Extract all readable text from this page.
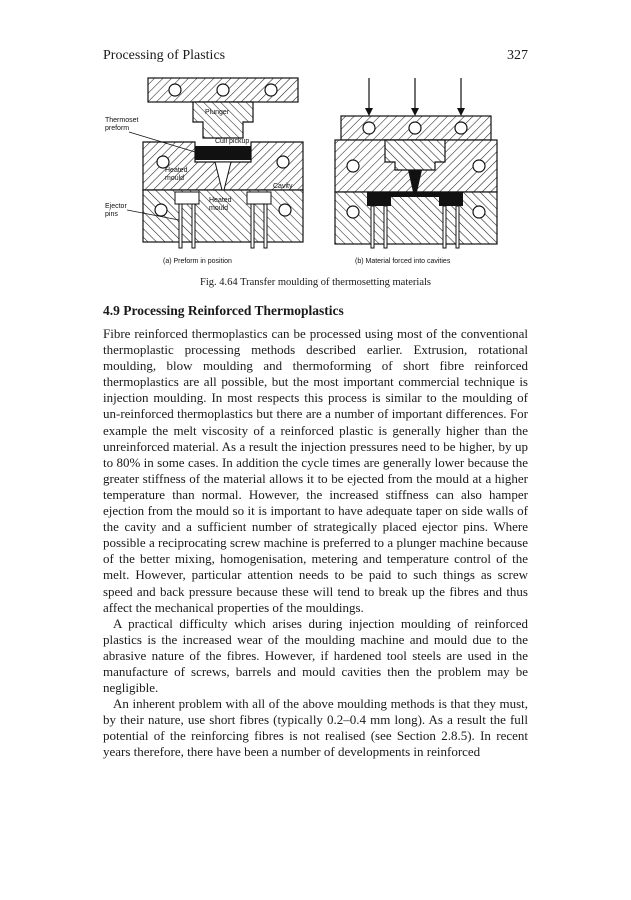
Processing of Plastics	327
Plunger
Thermoset
preform
Cull pickup
Heated
mould
Cavity
Heated
mould
Ejector
pins
(a) Preform in position	(b) Material forced into cavities
Fig. 4.64 Transfer moulding of thermosetting materials
4.9 Processing Reinforced Thermoplastics

Fibre reinforced thermoplastics can be processed using most of the conventional thermoplastic processing methods described earlier. Extrusion, rotational moulding, blow moulding and thermoforming of short fibre reinforced thermoplastics are all possible, but the most important commercial technique is injection moulding. In most respects this process is similar to the moulding of un-reinforced thermoplastics but there are a number of important differences. For example the melt viscosity of a reinforced plastic is generally higher than the unreinforced material. As a result the injection pressures need to be higher, by up to 80% in some cases. In addition the cycle times are generally lower because the greater stiffness of the material allows it to be ejected from the mould at a higher temperature than normal. However, the increased stiffness can also hamper ejection from the mould so it is important to have adequate taper on side walls of the cavity and a sufficient number of strategically placed ejector pins. Where possible a reciprocating screw machine is preferred to a plunger machine because of the better mixing, homogenisation, metering and temperature control of the melt. However, particular attention needs to be paid to such things as screw speed and back pressure because these will tend to break up the fibres and thus affect the mechanical properties of the mouldings.

A practical difficulty which arises during injection moulding of reinforced plastics is the increased wear of the moulding machine and mould due to the abrasive nature of the fibres. However, if hardened tool steels are used in the manufacture of screws, barrels and mould cavities then the problem may be negligible.

An inherent problem with all of the above moulding methods is that they must, by their nature, use short fibres (typically 0.2–0.4 mm long). As a result the full potential of the reinforcing fibres is not realised (see Section 2.8.5). In recent years therefore, there have been a number of developments in reinforced
